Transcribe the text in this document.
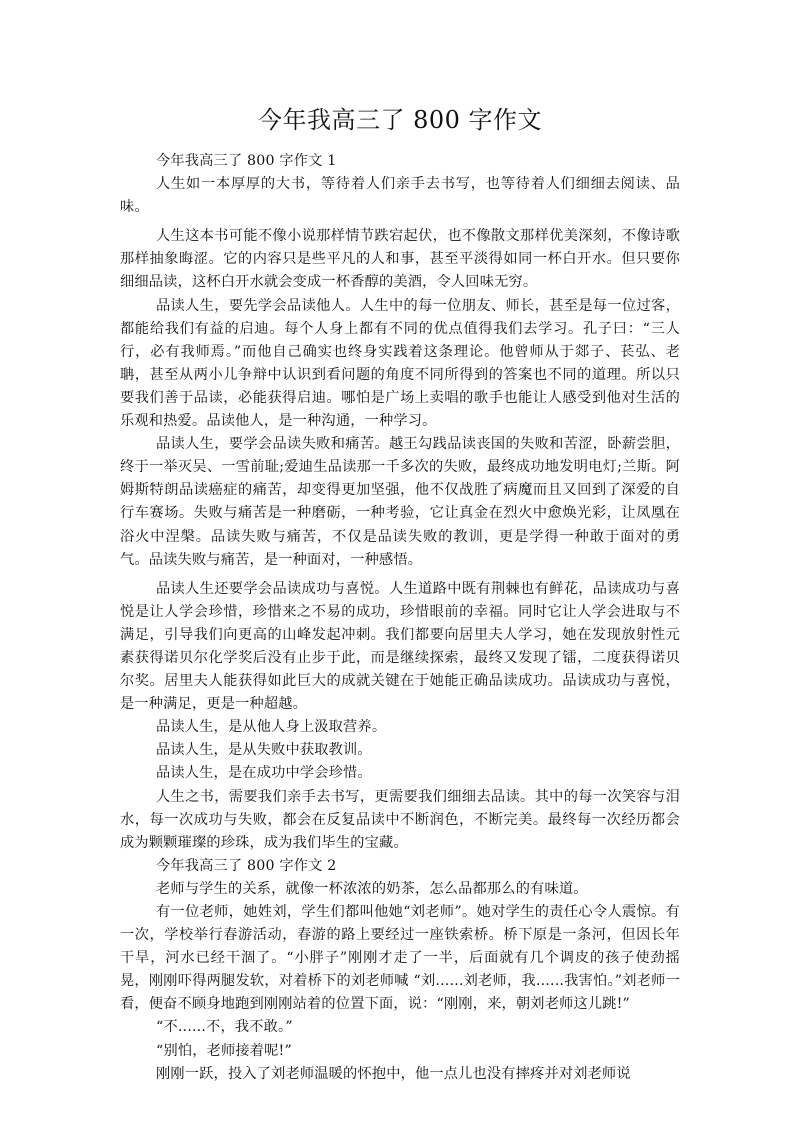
今年我高三了 800 字作文

今年我高三了 800 字作文 1

人生如一本厚厚的大书，等待着人们亲手去书写，也等待着人们细细去阅读、品味。

人生这本书可能不像小说那样情节跌宕起伏，也不像散文那样优美深刻，不像诗歌那样抽象晦涩。它的内容只是些平凡的人和事，甚至平淡得如同一杯白开水。但只要你细细品读，这杯白开水就会变成一杯香醇的美酒，令人回味无穷。

品读人生，要先学会品读他人。人生中的每一位朋友、师长，甚至是每一位过客，都能给我们有益的启迪。每个人身上都有不同的优点值得我们去学习。孔子曰：“三人行，必有我师焉。”而他自己确实也终身实践着这条理论。他曾师从于郯子、苌弘、老聃，甚至从两小儿争辩中认识到看问题的角度不同所得到的答案也不同的道理。所以只要我们善于品读，必能获得启迪。哪怕是广场上卖唱的歌手也能让人感受到他对生活的乐观和热爱。品读他人，是一种沟通，一种学习。

品读人生，要学会品读失败和痛苦。越王勾践品读丧国的失败和苦涩，卧薪尝胆，终于一举灭吴、一雪前耻;爱迪生品读那一千多次的失败，最终成功地发明电灯;兰斯。阿姆斯特朗品读癌症的痛苦，却变得更加坚强，他不仅战胜了病魔而且又回到了深爱的自行车赛场。失败与痛苦是一种磨砺，一种考验，它让真金在烈火中愈焕光彩，让凤凰在浴火中涅槃。品读失败与痛苦，不仅是品读失败的教训，更是学得一种敢于面对的勇气。品读失败与痛苦，是一种面对，一种感悟。

品读人生还要学会品读成功与喜悦。人生道路中既有荆棘也有鲜花，品读成功与喜悦是让人学会珍惜，珍惜来之不易的成功，珍惜眼前的幸福。同时它让人学会进取与不满足，引导我们向更高的山峰发起冲刺。我们都要向居里夫人学习，她在发现放射性元素获得诺贝尔化学奖后没有止步于此，而是继续探索，最终又发现了镭，二度获得诺贝尔奖。居里夫人能获得如此巨大的成就关键在于她能正确品读成功。品读成功与喜悦，是一种满足，更是一种超越。

品读人生，是从他人身上汲取营养。

品读人生，是从失败中获取教训。

品读人生，是在成功中学会珍惜。

人生之书，需要我们亲手去书写，更需要我们细细去品读。其中的每一次笑容与泪水，每一次成功与失败，都会在反复品读中不断润色，不断完美。最终每一次经历都会成为颗颗璀璨的珍珠，成为我们毕生的宝藏。

今年我高三了 800 字作文 2

老师与学生的关系，就像一杯浓浓的奶茶，怎么品都那么的有味道。

有一位老师，她姓刘，学生们都叫他她“刘老师”。她对学生的责任心令人震惊。有一次，学校举行春游活动，春游的路上要经过一座铁索桥。桥下原是一条河，但因长年干旱，河水已经干涸了。“小胖子”刚刚才走了一半，后面就有几个调皮的孩子使劲摇晃，刚刚吓得两腿发软，对着桥下的刘老师喊 “刘......刘老师，我......我害怕。”刘老师一看，便奋不顾身地跑到刚刚站着的位置下面，说：“刚刚，来，朝刘老师这儿跳!”

“不......不，我不敢。”

“别怕，老师接着呢!”

刚刚一跃，投入了刘老师温暖的怀抱中，他一点儿也没有摔疼并对刘老师说
